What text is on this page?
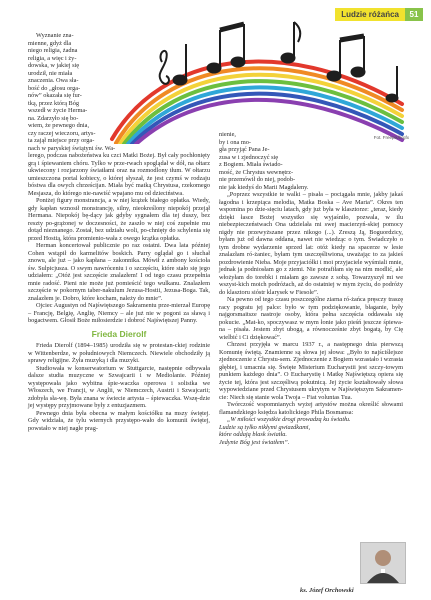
Ludzie różańca	51
Fot. Freepik/brgfx

Wyznanie zna-

mienne, gdyż dla

niego religia, żadna

religia, a więc i ży-

dowska, w jakiej się

urodził, nie miała

znaczenia. Owa sła-

bość do „głosu orga-

nów” okazała się fur-

tką, przez którą Bóg

wszedł w życie Herma-

na. Zdarzyło się bo-

wiem, że pewnego dnia,

czy raczej wieczoru, artys-

ta zajął miejsce przy orga-

nach w paryskiej świątyni św. Wa-

lerego, podczas nabożeństwa ku czci Matki Bożej. Był cały pochłonięty grą i śpiewaniem chóru. Tylko w prze-rwach spoglądał w dół, na ołtarz ukwiecony i rozjarzony światłami oraz na rozmodlony tłum. W ołtarzu umieszczona portal kobiecy, o której słyszał, że jest czymś w rodzaju bóstwa dla owych chrześcijan. Miała być matką Chrystusa, rzekomego Mesjasza, do którego nie-nawiść wpajano mu od dzieciństwa.

Poniżej figury monstrancja, a w niej krążek białego opłatka. Wiedy, gdy kapłan wznosił monstrancję, silny, nieokreślony niepokój przejął Hermana. Niepokój bę-dący jak gdyby sygnałem dla tej duszy, bez reszty po-grążonej w doczesności, że zaszło w niej coś zupełnie mu dotąd nieznanego. Został, bez udziału woli, po-chnięty do schylenia się przed Hostią, która promienio-wała z owego krążka opłatka.

Herman koncertował publicznie po raz ostatni. Dwa lata później Cohen wstąpił do karmelitów boskich. Parry oglądał go i słuchał znowu, ale już – jako kapłana – zakonnika. Mówił z ambony kościoła św. Sulpicjusza. O swym nawróceniu i o szczęściu, które stało się jego udziałem: „Otóż jest szczęście znalazłem! I od tego czasu przepełnia mnie radość. Pieni nie może już pomieścić tego wulkanu. Znalazłem szczęście w pokornym taber-nakulum Jezusa-Hostii, Jezusa-Boga. Tak, znalazłem je. Dobro, które kocham, należy do mnie”.

Ojciec Augustyn od Najświętszego Sakramentu prze-mierzał Europę – Francję, Belgię, Anglię, Niemcy – ale już nie w pogoni za sławą i bogactwem. Głosił Boże miłosierdzie i dobroć Najświętszej Panny.

Frieda Dierolf

Frieda Dierolf (1894–1985) urodziła się w protestan-ckiej rodzinie w Wittenberdze, w południowych Niemczech. Niewiele obchodziły ją sprawy religijne. Żyła muzyką i dla muzyki.

Studiowała w konserwatorium w Stuttgarcie, następnie odbywała dalsze studia muzyczne w Szwajcarii i w Mediolanie. Później występowała jako wybitna śpie-waczka operowa i solistka we Włoszech, we Francji, w Anglii, w Niemczech, Austrii i Szwajcarii; zdobyła sła-wę. Była znana w świecie artysta – śpiewaczka. Wszę-dzie jej występy przyjmowane były z entuzjazmem.

Pewnego dnia była obecna w małym kościółku na mszy świętej. Gdy widziała, że tylu wiernych przystępo-wało do komunii świętej, powstało w niej nagłe prag-

nienie,

by i ona mo-

gła przyjąć Pana Je-

zusa w i zjednoczyć się

z Bogiem. Miała świado-

mość, że Chrystus wewnętrz-

nie przemówił do niej, podob-

nie jak kiedyś do Marii Magdaleny.

„Poprzez wszystkie te walki – pisała – pociągała mnie, jakby jakaś łagodna i krzepiąca melodia, Matka Boska – Ave Maria”. Okres ten wspomina po dzie-sięciu latach, gdy już była w klasztorze: „teraz, kiedy dzięki łasce Bożej wszystko się wyjaśniło, pozwala, w ilu niebezpieczeństwach Ona udzielała mi swej macierzyń-skiej pomocy nigdy nie przewyższane przez nikogo (...). Zreszą Ją, Boguordzicy, byłam już od dawna oddana, nawet nie wiedząc o tym. Świadczyło o tym drobne wydarzenie sprzed lat: otóż kiedy na spacerze w lesie znalazłam ró-żaniec, byłam tym uszczęśliwiona, uważając to za jakieś pozdrowienie Nieba. Moje przyjaciółki i moi przyjaciele wyśmiali mnie, jednak ja podniosłam go z ziemi. Nie potrafiłam się na nim modlić, ale włożyłam do torebki i miałam go zawsze z sobą. Towarzyszył mi we wszyst-kich moich podróżach, aż do ostatniej w mym życiu, do podróży do klasztoru sióstr klarysek w Fiesole”.

Na pewno od tego czasu poszczególne ziarna ró-żańca pręsczy traszę racy pogratu jej palce: było w tym podziękowanie, błaganie, były najgorsmaitsze nastroje osoby, która pełna szczęścia oddawała się pokucie. „Mat-ko, spoczywasz w mym łonie jako pieśń jeszcze śpiewa-na – pisała. Jestem zbyt ubogą, a równocześnie zbyt bogatą, by Cię wielbić i Ci dziękować”.

Chrzest przyjęła w marcu 1937 r., a następnego dnia pierwszą Komunię świętą. Znamienne są słowa jej słowa: „Było to najściślejsze zjednoczenie z Chrystu-sem. Zjednoczenie z Bogiem wzrastało i wzrasta głębiej, i umacnia się. Święte Misterium Eucharystii jest szczy-towym punktem każdego dnia”. O Eucharystię i Matkę Najświętszą opiera się życie tej, która jest szczęśliwą pokutnicą. Jej życie kształtowały słowa wypowiedziane przed Chrystusem ukrytym w Najświętszym Sakramen-cie: Niech się stanie wola Twoja – Fiat voluntas Tua.

Twórczość wspomnianych wyżej artystów można określić słowami flamandzkiego księdza katolickiego Phila Bosmansa:

„W miłości wszystkie drogi prowadzą ku światłu.

Ludzie są tylko nikłymi gwiazdkami,

które oddają blask światła.

Jedynie Bóg jest światłem”.

ks. Józef Orchowski
